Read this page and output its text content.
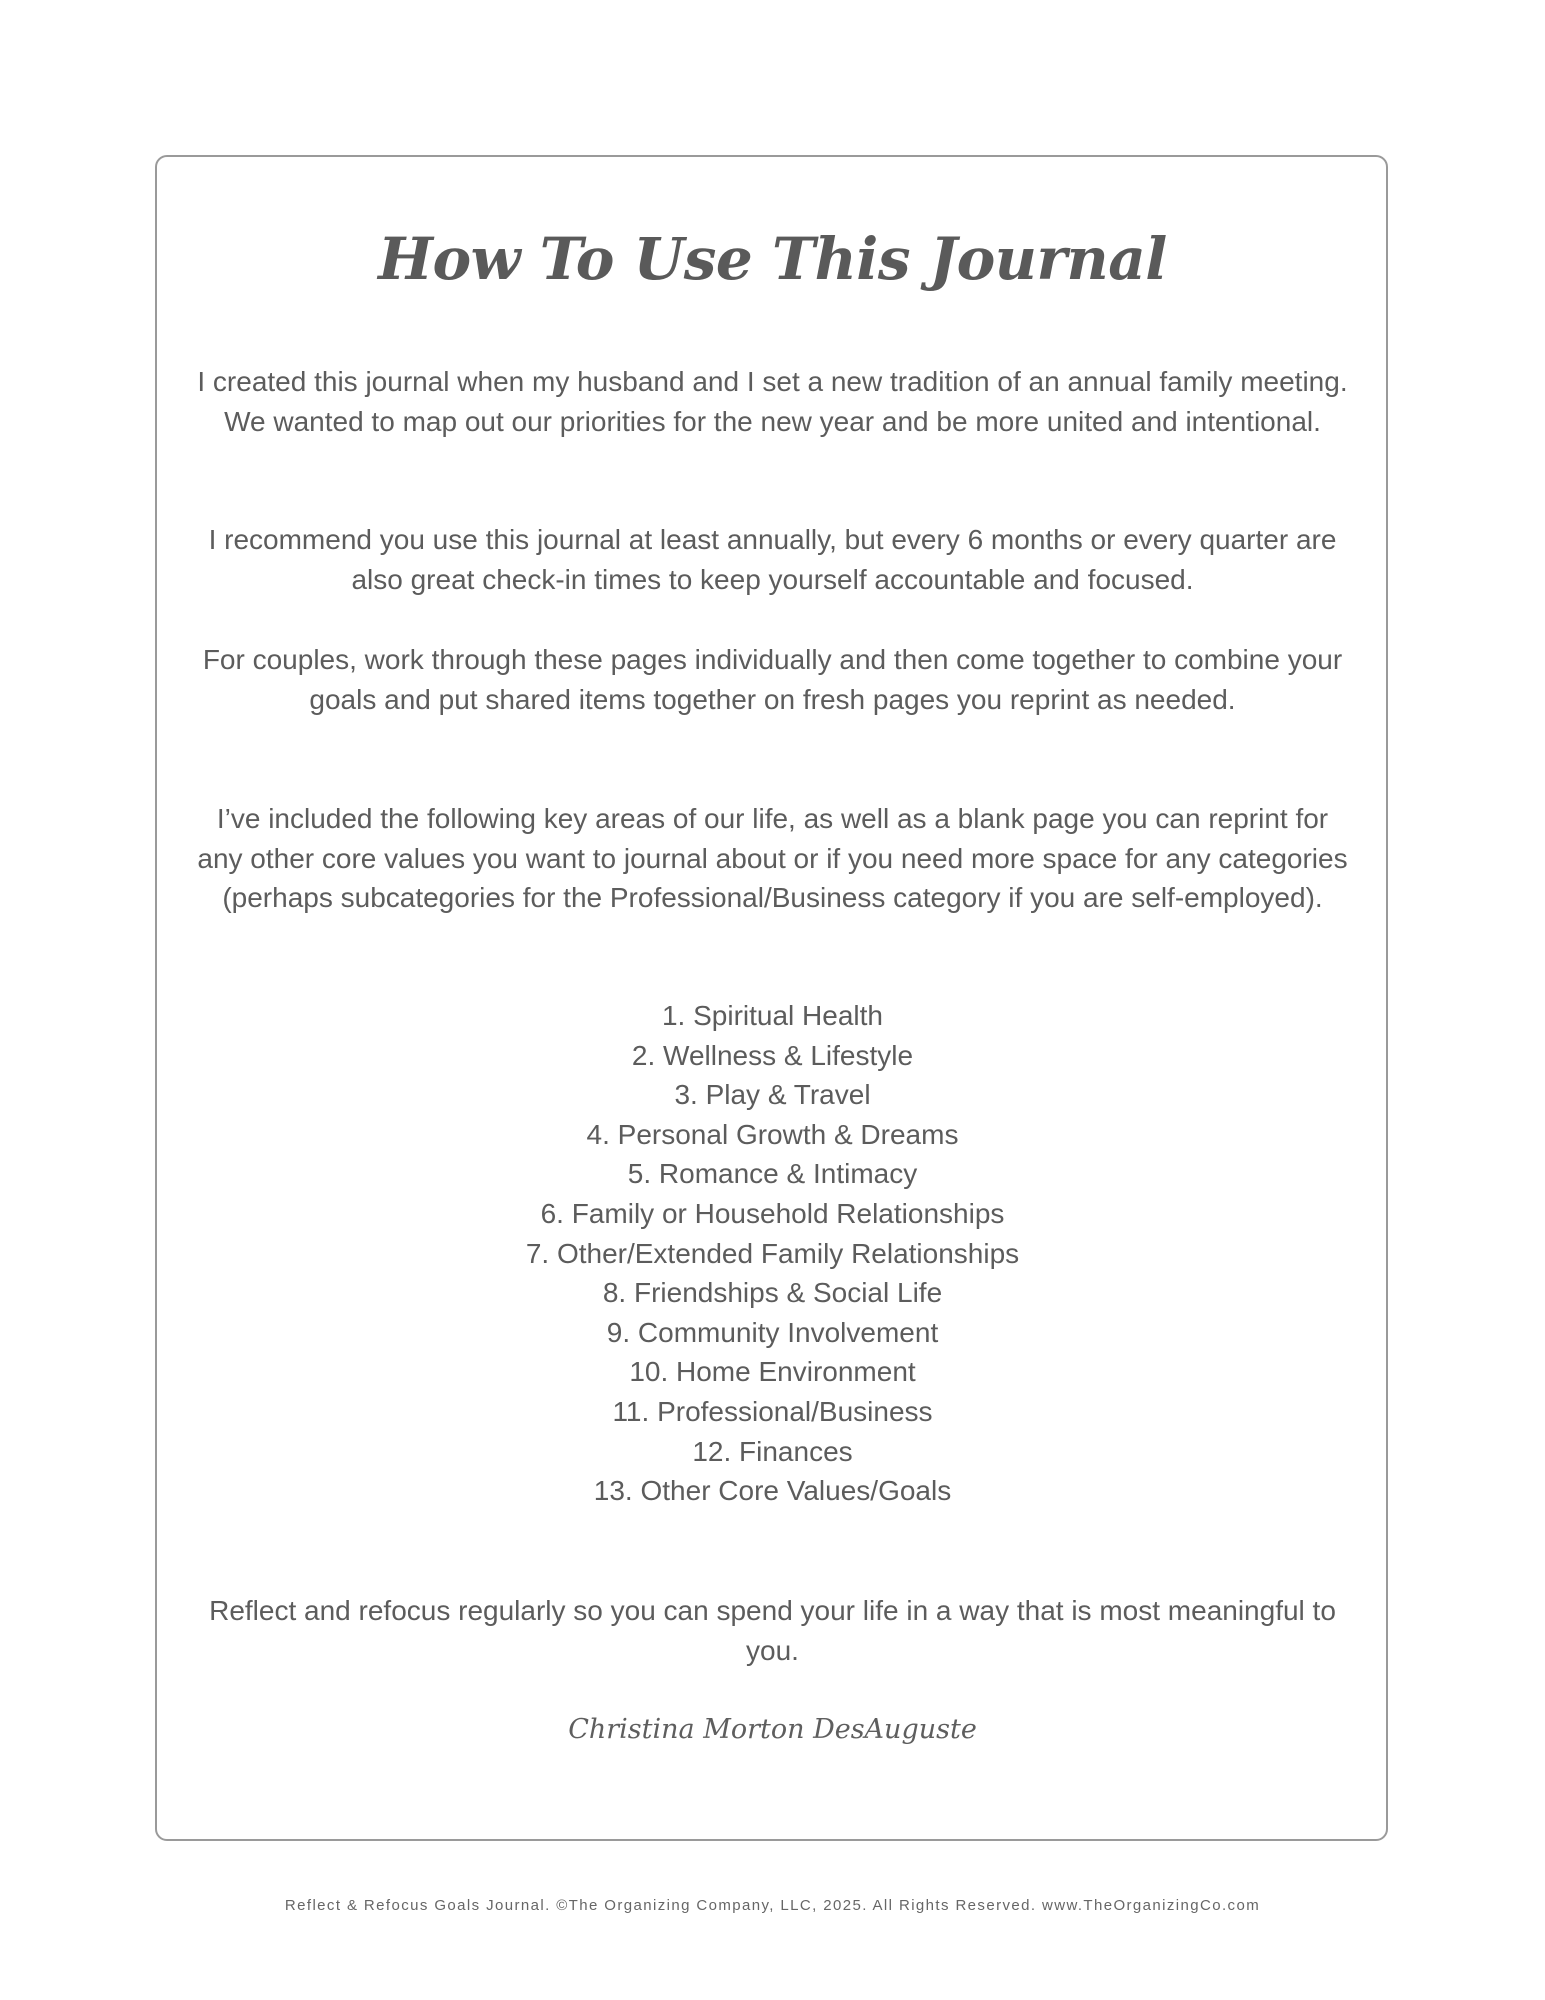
How To Use This Journal

I created this journal when my husband and I set a new tradition of an annual family meeting. We wanted to map out our priorities for the new year and be more united and intentional.

I recommend you use this journal at least annually, but every 6 months or every quarter are also great check-in times to keep yourself accountable and focused.

For couples, work through these pages individually and then come together to combine your goals and put shared items together on fresh pages you reprint as needed.

I’ve included the following key areas of our life, as well as a blank page you can reprint for any other core values you want to journal about or if you need more space for any categories (perhaps subcategories for the Professional/Business category if you are self-employed).

1. Spiritual Health
2. Wellness & Lifestyle
3. Play & Travel
4. Personal Growth & Dreams
5. Romance & Intimacy
6. Family or Household Relationships
7. Other/Extended Family Relationships
8. Friendships & Social Life
9. Community Involvement
10. Home Environment
11. Professional/Business
12. Finances
13. Other Core Values/Goals

Reflect and refocus regularly so you can spend your life in a way that is most meaningful to you.

Christina Morton DesAuguste

Reflect & Refocus Goals Journal. ©The Organizing Company, LLC, 2025. All Rights Reserved. www.TheOrganizingCo.com
